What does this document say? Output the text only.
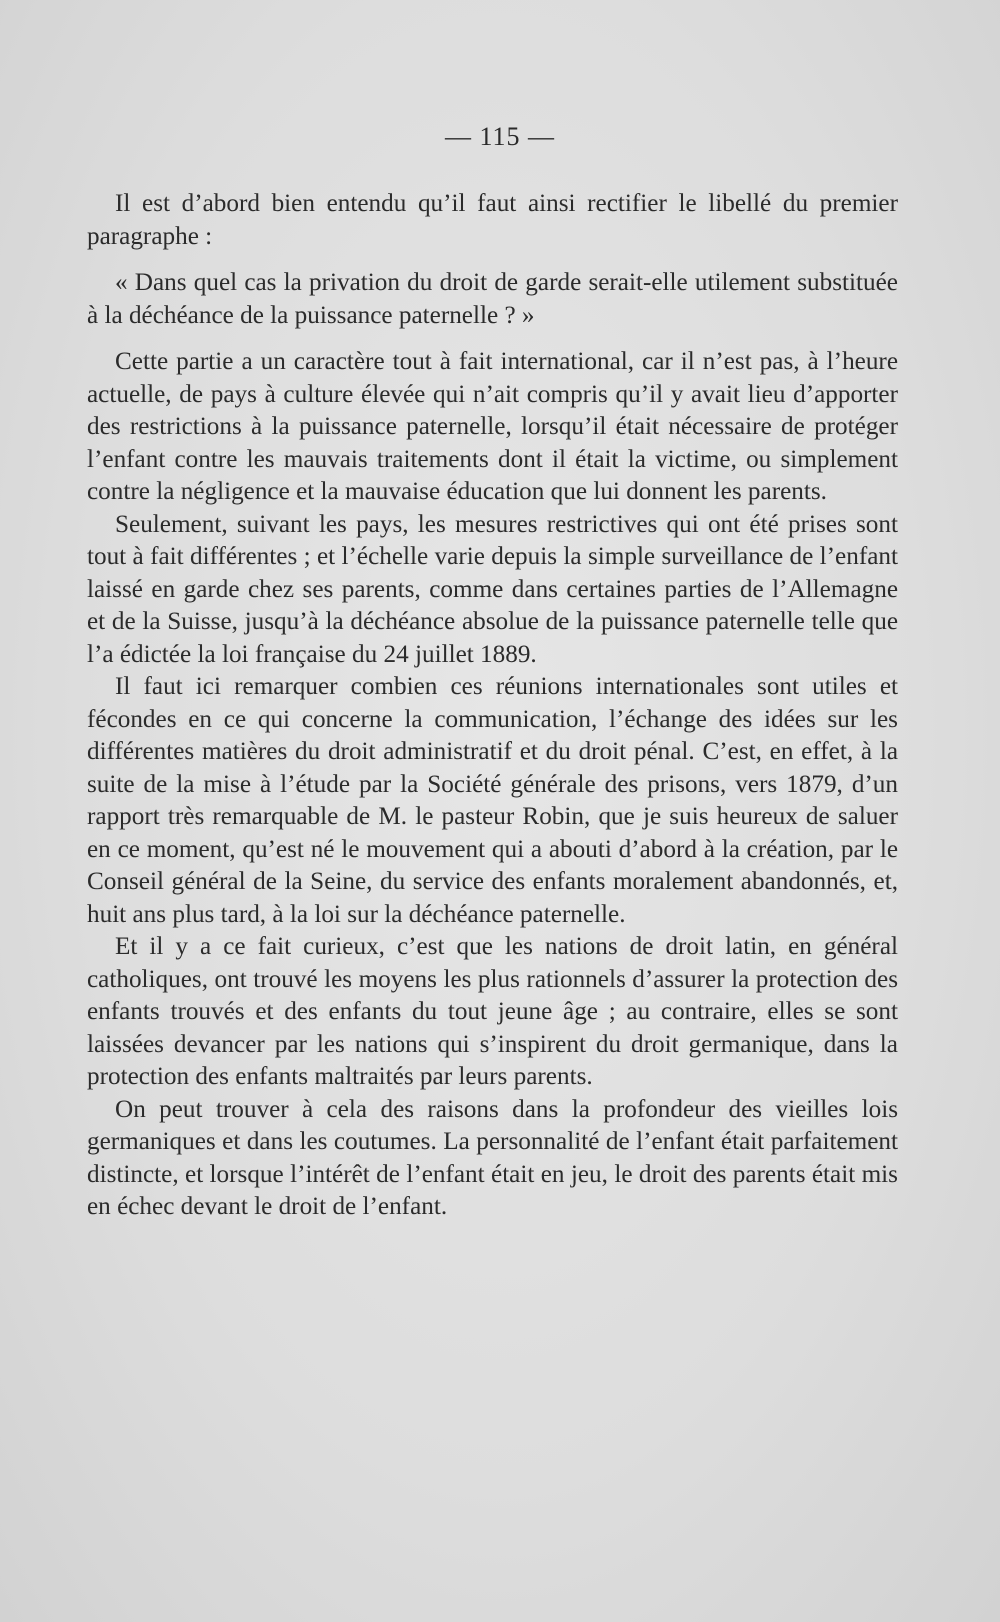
— 115 —

Il est d’abord bien entendu qu’il faut ainsi rectifier le libellé du premier paragraphe :

« Dans quel cas la privation du droit de garde serait-elle utilement substituée à la déchéance de la puissance paternelle ? »

Cette partie a un caractère tout à fait international, car il n’est pas, à l’heure actuelle, de pays à culture élevée qui n’ait compris qu’il y avait lieu d’apporter des restrictions à la puissance paternelle, lorsqu’il était nécessaire de protéger l’enfant contre les mauvais traitements dont il était la victime, ou simplement contre la négligence et la mauvaise éducation que lui donnent les parents.

Seulement, suivant les pays, les mesures restrictives qui ont été prises sont tout à fait différentes ; et l’échelle varie depuis la simple surveillance de l’enfant laissé en garde chez ses parents, comme dans certaines parties de l’Allemagne et de la Suisse, jusqu’à la déchéance absolue de la puissance paternelle telle que l’a édictée la loi française du 24 juillet 1889.

Il faut ici remarquer combien ces réunions internationales sont utiles et fécondes en ce qui concerne la communication, l’échange des idées sur les différentes matières du droit administratif et du droit pénal. C’est, en effet, à la suite de la mise à l’étude par la Société générale des prisons, vers 1879, d’un rapport très remarquable de M. le pasteur Robin, que je suis heureux de saluer en ce moment, qu’est né le mouvement qui a abouti d’abord à la création, par le Conseil général de la Seine, du service des enfants moralement abandonnés, et, huit ans plus tard, à la loi sur la déchéance paternelle.

Et il y a ce fait curieux, c’est que les nations de droit latin, en général catholiques, ont trouvé les moyens les plus rationnels d’assurer la protection des enfants trouvés et des enfants du tout jeune âge ; au contraire, elles se sont laissées devancer par les nations qui s’inspirent du droit germanique, dans la protection des enfants maltraités par leurs parents.

On peut trouver à cela des raisons dans la profondeur des vieilles lois germaniques et dans les coutumes. La personnalité de l’enfant était parfaitement distincte, et lorsque l’intérêt de l’enfant était en jeu, le droit des parents était mis en échec devant le droit de l’enfant.
